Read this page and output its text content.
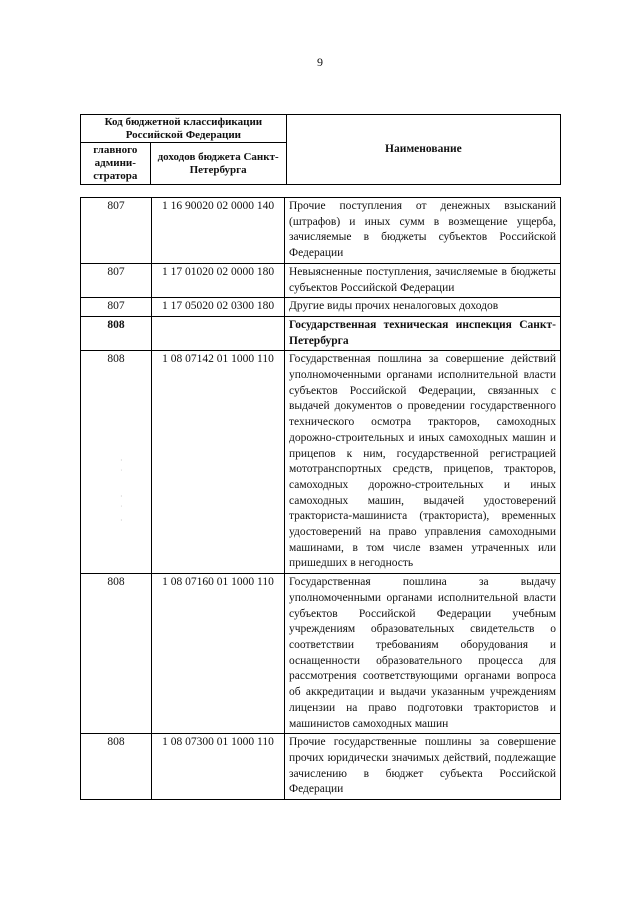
9
Код бюджетной классификации Российской Федерации		Наименование
главного админи-стратора	доходов бюджета Санкт-Петербурга	
807	1 16 90020 02 0000 140	Прочие поступления от денежных взысканий (штрафов) и иных сумм в возмещение ущерба, зачисляемые в бюджеты субъектов Российской Федерации
807	1 17 01020 02 0000 180	Невыясненные поступления, зачисляемые в бюджеты субъектов Российской Федерации
807	1 17 05020 02 0300 180	Другие виды прочих неналоговых доходов
808		Государственная техническая инспекция Санкт-Петербурга
808	1 08 07142 01 1000 110	Государственная пошлина за совершение действий уполномоченными органами исполнительной власти субъектов Российской Федерации, связанных с выдачей документов о проведении государственного технического осмотра тракторов, самоходных дорожно-строительных и иных самоходных машин и прицепов к ним, государственной регистрацией мототранспортных средств, прицепов, тракторов, самоходных дорожно-строительных и иных самоходных машин, выдачей удостоверений тракториста-машиниста (тракториста), временных удостоверений на право управления самоходными машинами, в том числе взамен утраченных или пришедших в негодность
808	1 08 07160 01 1000 110	Государственная пошлина за выдачу уполномоченными органами исполнительной власти субъектов Российской Федерации учебным учреждениям образовательных свидетельств о соответствии требованиям оборудования и оснащенности образовательного процесса для рассмотрения соответствующими органами вопроса об аккредитации и выдачи указанным учреждениям лицензии на право подготовки трактористов и машинистов самоходных машин
808	1 08 07300 01 1000 110	Прочие государственные пошлины за совершение прочих юридически значимых действий, подлежащие зачислению в бюджет субъекта Российской Федерации
·
˙

·
˙
·
